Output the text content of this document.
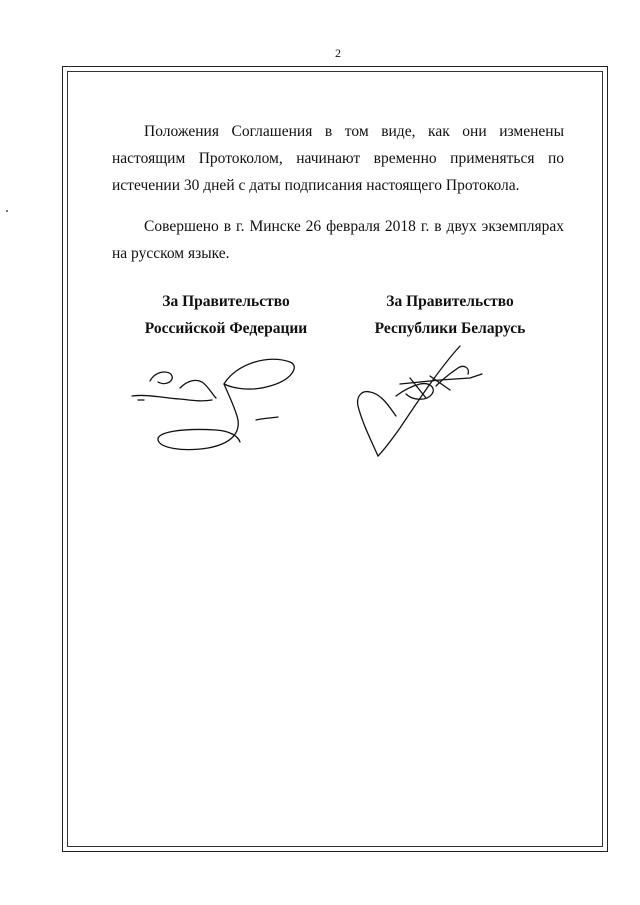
2

Положения Соглашения в том виде, как они изменены настоящим Протоколом, начинают временно применяться по истечении 30 дней с даты подписания настоящего Протокола.

Совершено в г. Минске 26 февраля 2018 г. в двух экземплярах на русском языке.

За Правительство
Российской Федерации
За Правительство
Республики Беларусь
